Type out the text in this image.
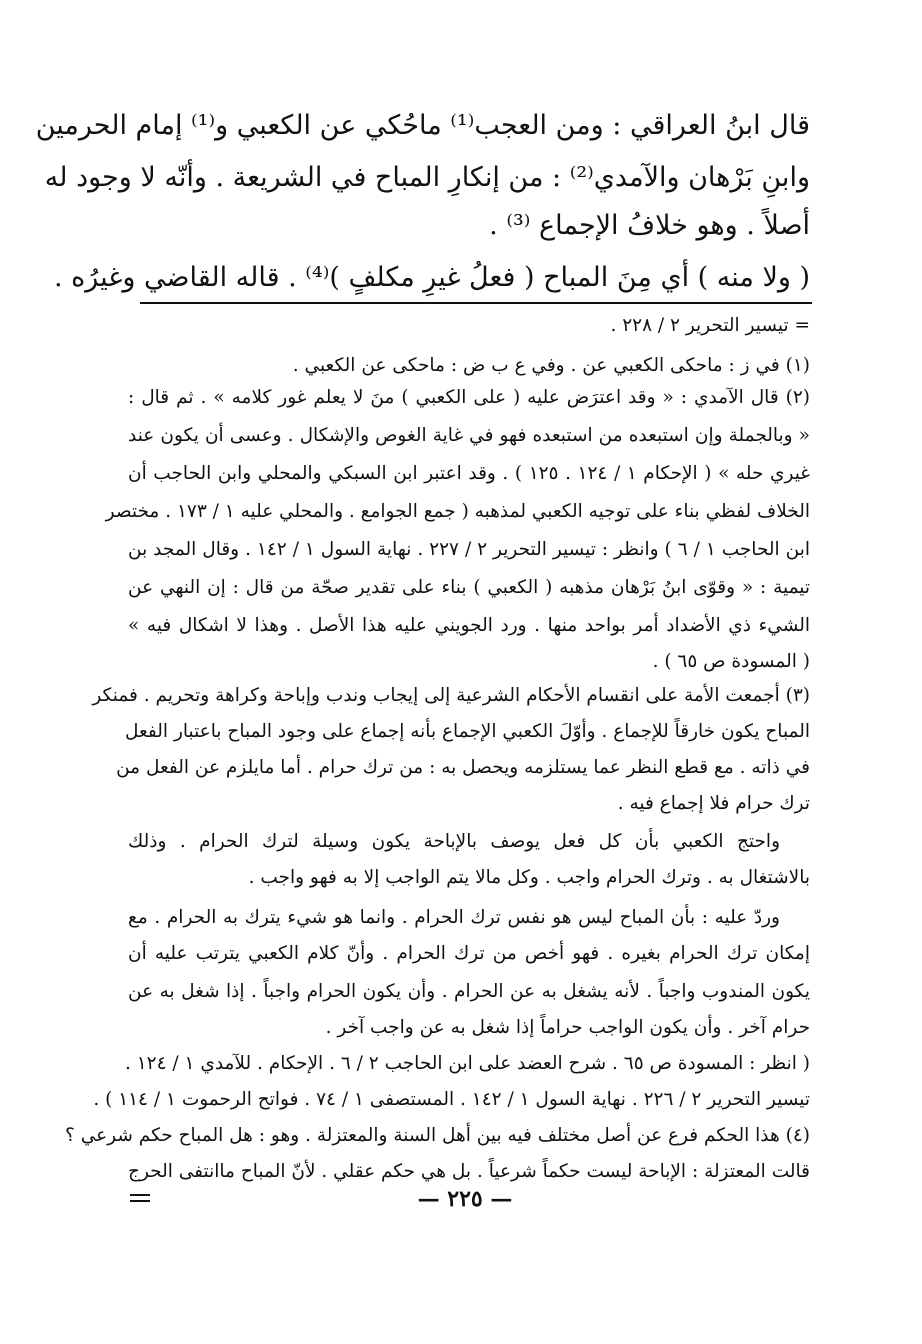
قال ابنُ العراقي : ومن العجب⁽¹⁾ ماحُكي عن الكعبي و⁽¹⁾ إمام الحرمين
وابنِ بَرْهان والآمدي⁽²⁾ : من إنكارِ المباح في الشريعة . وأنّه لا وجود له
أصلاً . وهو خلافُ الإجماع ⁽³⁾ .
( ولا منه ) أي مِنَ المباح ( فعلُ غيرِ مكلفٍ )⁽⁴⁾ . قاله القاضي وغيرُه .
= تيسير التحرير ٢ / ٢٢٨ .
(١) في ز : ماحكى الكعبي عن . وفي ع ب ض : ماحكى عن الكعبي .
(٢) قال الآمدي : « وقد اعترَض عليه ( على الكعبي ) منَ لا يعلم غور كلامه » . ثم قال :
« وبالجملة وإن استبعده من استبعده فهو في غاية الغوص والإشكال . وعسى أن يكون عند
غيري حله » ( الإحكام ١ / ١٢٤ . ١٢٥ ) . وقد اعتبر ابن السبكي والمحلي وابن الحاجب أن
الخلاف لفظي بناء على توجيه الكعبي لمذهبه ( جمع الجوامع . والمحلي عليه ١ / ١٧٣ . مختصر
ابن الحاجب ١ / ٦ ) وانظر : تيسير التحرير ٢ / ٢٢٧ . نهاية السول ١ / ١٤٢ . وقال المجد بن
تيمية : « وقوّى ابنُ بَرْهان مذهبه ( الكعبي ) بناء على تقدير صحّة من قال : إن النهي عن
الشيء ذي الأضداد أمر بواحد منها . ورد الجويني عليه هذا الأصل . وهذا لا اشكال فيه »
( المسودة ص ٦٥ ) .
(٣) أجمعت الأمة على انقسام الأحكام الشرعية إلى إيجاب وندب وإباحة وكراهة وتحريم . فمنكر
المباح يكون خارقاً للإجماع . وأوّلَ الكعبي الإجماع بأنه إجماع على وجود المباح باعتبار الفعل
في ذاته . مع قطع النظر عما يستلزمه ويحصل به : من ترك حرام . أما مايلزم عن الفعل من
ترك حرام فلا إجماع فيه .
واحتج الكعبي بأن كل فعل يوصف بالإباحة يكون وسيلة لترك الحرام . وذلك
بالاشتغال به . وترك الحرام واجب . وكل مالا يتم الواجب إلا به فهو واجب .
وردّ عليه : بأن المباح ليس هو نفس ترك الحرام . وانما هو شيء يترك به الحرام . مع
إمكان ترك الحرام بغيره . فهو أخص من ترك الحرام . وأنّ كلام الكعبي يترتب عليه أن
يكون المندوب واجباً . لأنه يشغل به عن الحرام . وأن يكون الحرام واجباً . إذا شغل به عن
حرام آخر . وأن يكون الواجب حراماً إذا شغل به عن واجب آخر .
( انظر : المسودة ص ٦٥ . شرح العضد على ابن الحاجب ٢ / ٦ . الإحكام . للآمدي ١ / ١٢٤ .
تيسير التحرير ٢ / ٢٢٦ . نهاية السول ١ / ١٤٢ . المستصفى ١ / ٧٤ . فواتح الرحموت ١ / ١١٤ ) .
(٤) هذا الحكم فرع عن أصل مختلف فيه بين أهل السنة والمعتزلة . وهو : هل المباح حكم شرعي ؟
قالت المعتزلة : الإباحة ليست حكماً شرعياً . بل هي حكم عقلي . لأنّ المباح ماانتفى الحرج
— ٢٢٥ —
